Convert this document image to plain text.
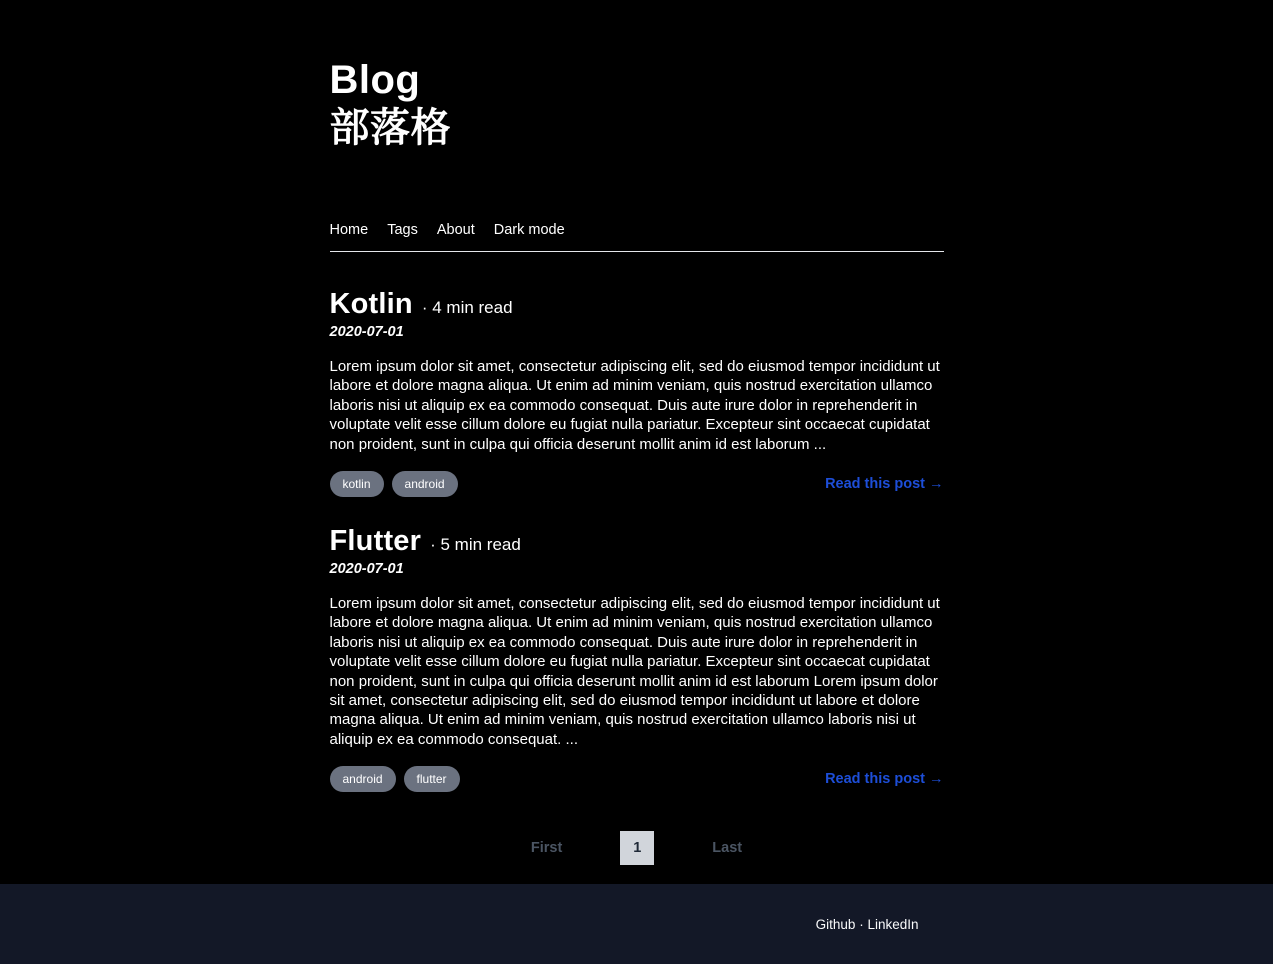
Blog
部落格
Home Tags About Dark mode
Kotlin · 4 min read
2020-07-01

Lorem ipsum dolor sit amet, consectetur adipiscing elit, sed do eiusmod tempor incididunt ut labore et dolore magna aliqua. Ut enim ad minim veniam, quis nostrud exercitation ullamco laboris nisi ut aliquip ex ea commodo consequat. Duis aute irure dolor in reprehenderit in voluptate velit esse cillum dolore eu fugiat nulla pariatur. Excepteur sint occaecat cupidatat non proident, sunt in culpa qui officia deserunt mollit anim id est laborum ...

kotlin	android	Read this post →
Flutter · 5 min read
2020-07-01

Lorem ipsum dolor sit amet, consectetur adipiscing elit, sed do eiusmod tempor incididunt ut labore et dolore magna aliqua. Ut enim ad minim veniam, quis nostrud exercitation ullamco laboris nisi ut aliquip ex ea commodo consequat. Duis aute irure dolor in reprehenderit in voluptate velit esse cillum dolore eu fugiat nulla pariatur. Excepteur sint occaecat cupidatat non proident, sunt in culpa qui officia deserunt mollit anim id est laborum Lorem ipsum dolor sit amet, consectetur adipiscing elit, sed do eiusmod tempor incididunt ut labore et dolore magna aliqua. Ut enim ad minim veniam, quis nostrud exercitation ullamco laboris nisi ut aliquip ex ea commodo consequat. ...

android	flutter	Read this post →
First	1	Last
Github · LinkedIn
